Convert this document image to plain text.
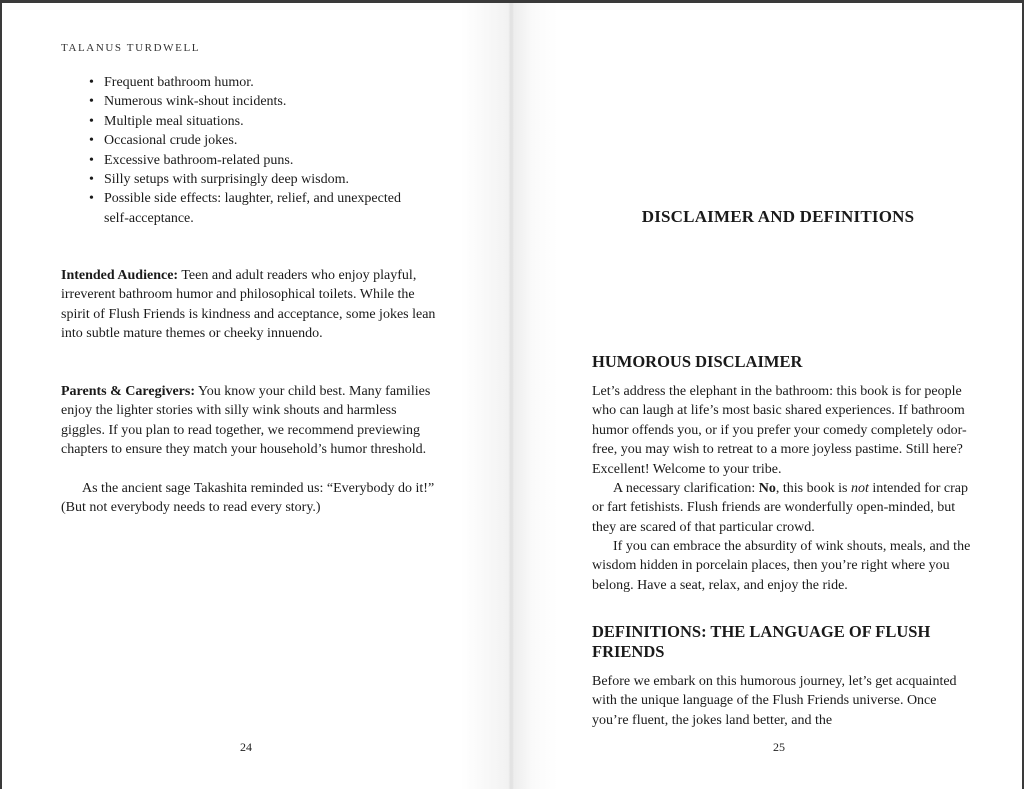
TALANUS TURDWELL
• Frequent bathroom humor.
• Numerous wink-shout incidents.
• Multiple meal situations.
• Occasional crude jokes.
• Excessive bathroom-related puns.
• Silly setups with surprisingly deep wisdom.
• Possible side effects: laughter, relief, and unexpected self-acceptance.

Intended Audience: Teen and adult readers who enjoy playful, irreverent bathroom humor and philosophical toilets. While the spirit of Flush Friends is kindness and acceptance, some jokes lean into subtle mature themes or cheeky innuendo.

Parents & Caregivers: You know your child best. Many families enjoy the lighter stories with silly wink shouts and harmless giggles. If you plan to read together, we recommend previewing chapters to ensure they match your household’s humor threshold.

As the ancient sage Takashita reminded us: “Everybody do it!” (But not everybody needs to read every story.)

24
DISCLAIMER AND DEFINITIONS
HUMOROUS DISCLAIMER

Let’s address the elephant in the bathroom: this book is for people who can laugh at life’s most basic shared experiences. If bathroom humor offends you, or if you prefer your comedy completely odor-free, you may wish to retreat to a more joyless pastime. Still here? Excellent! Welcome to your tribe.

A necessary clarification: No, this book is not intended for crap or fart fetishists. Flush friends are wonderfully open-minded, but they are scared of that particular crowd.

If you can embrace the absurdity of wink shouts, meals, and the wisdom hidden in porcelain places, then you’re right where you belong. Have a seat, relax, and enjoy the ride.

DEFINITIONS: THE LANGUAGE OF FLUSH FRIENDS

Before we embark on this humorous journey, let’s get acquainted with the unique language of the Flush Friends universe. Once you’re fluent, the jokes land better, and the

25
